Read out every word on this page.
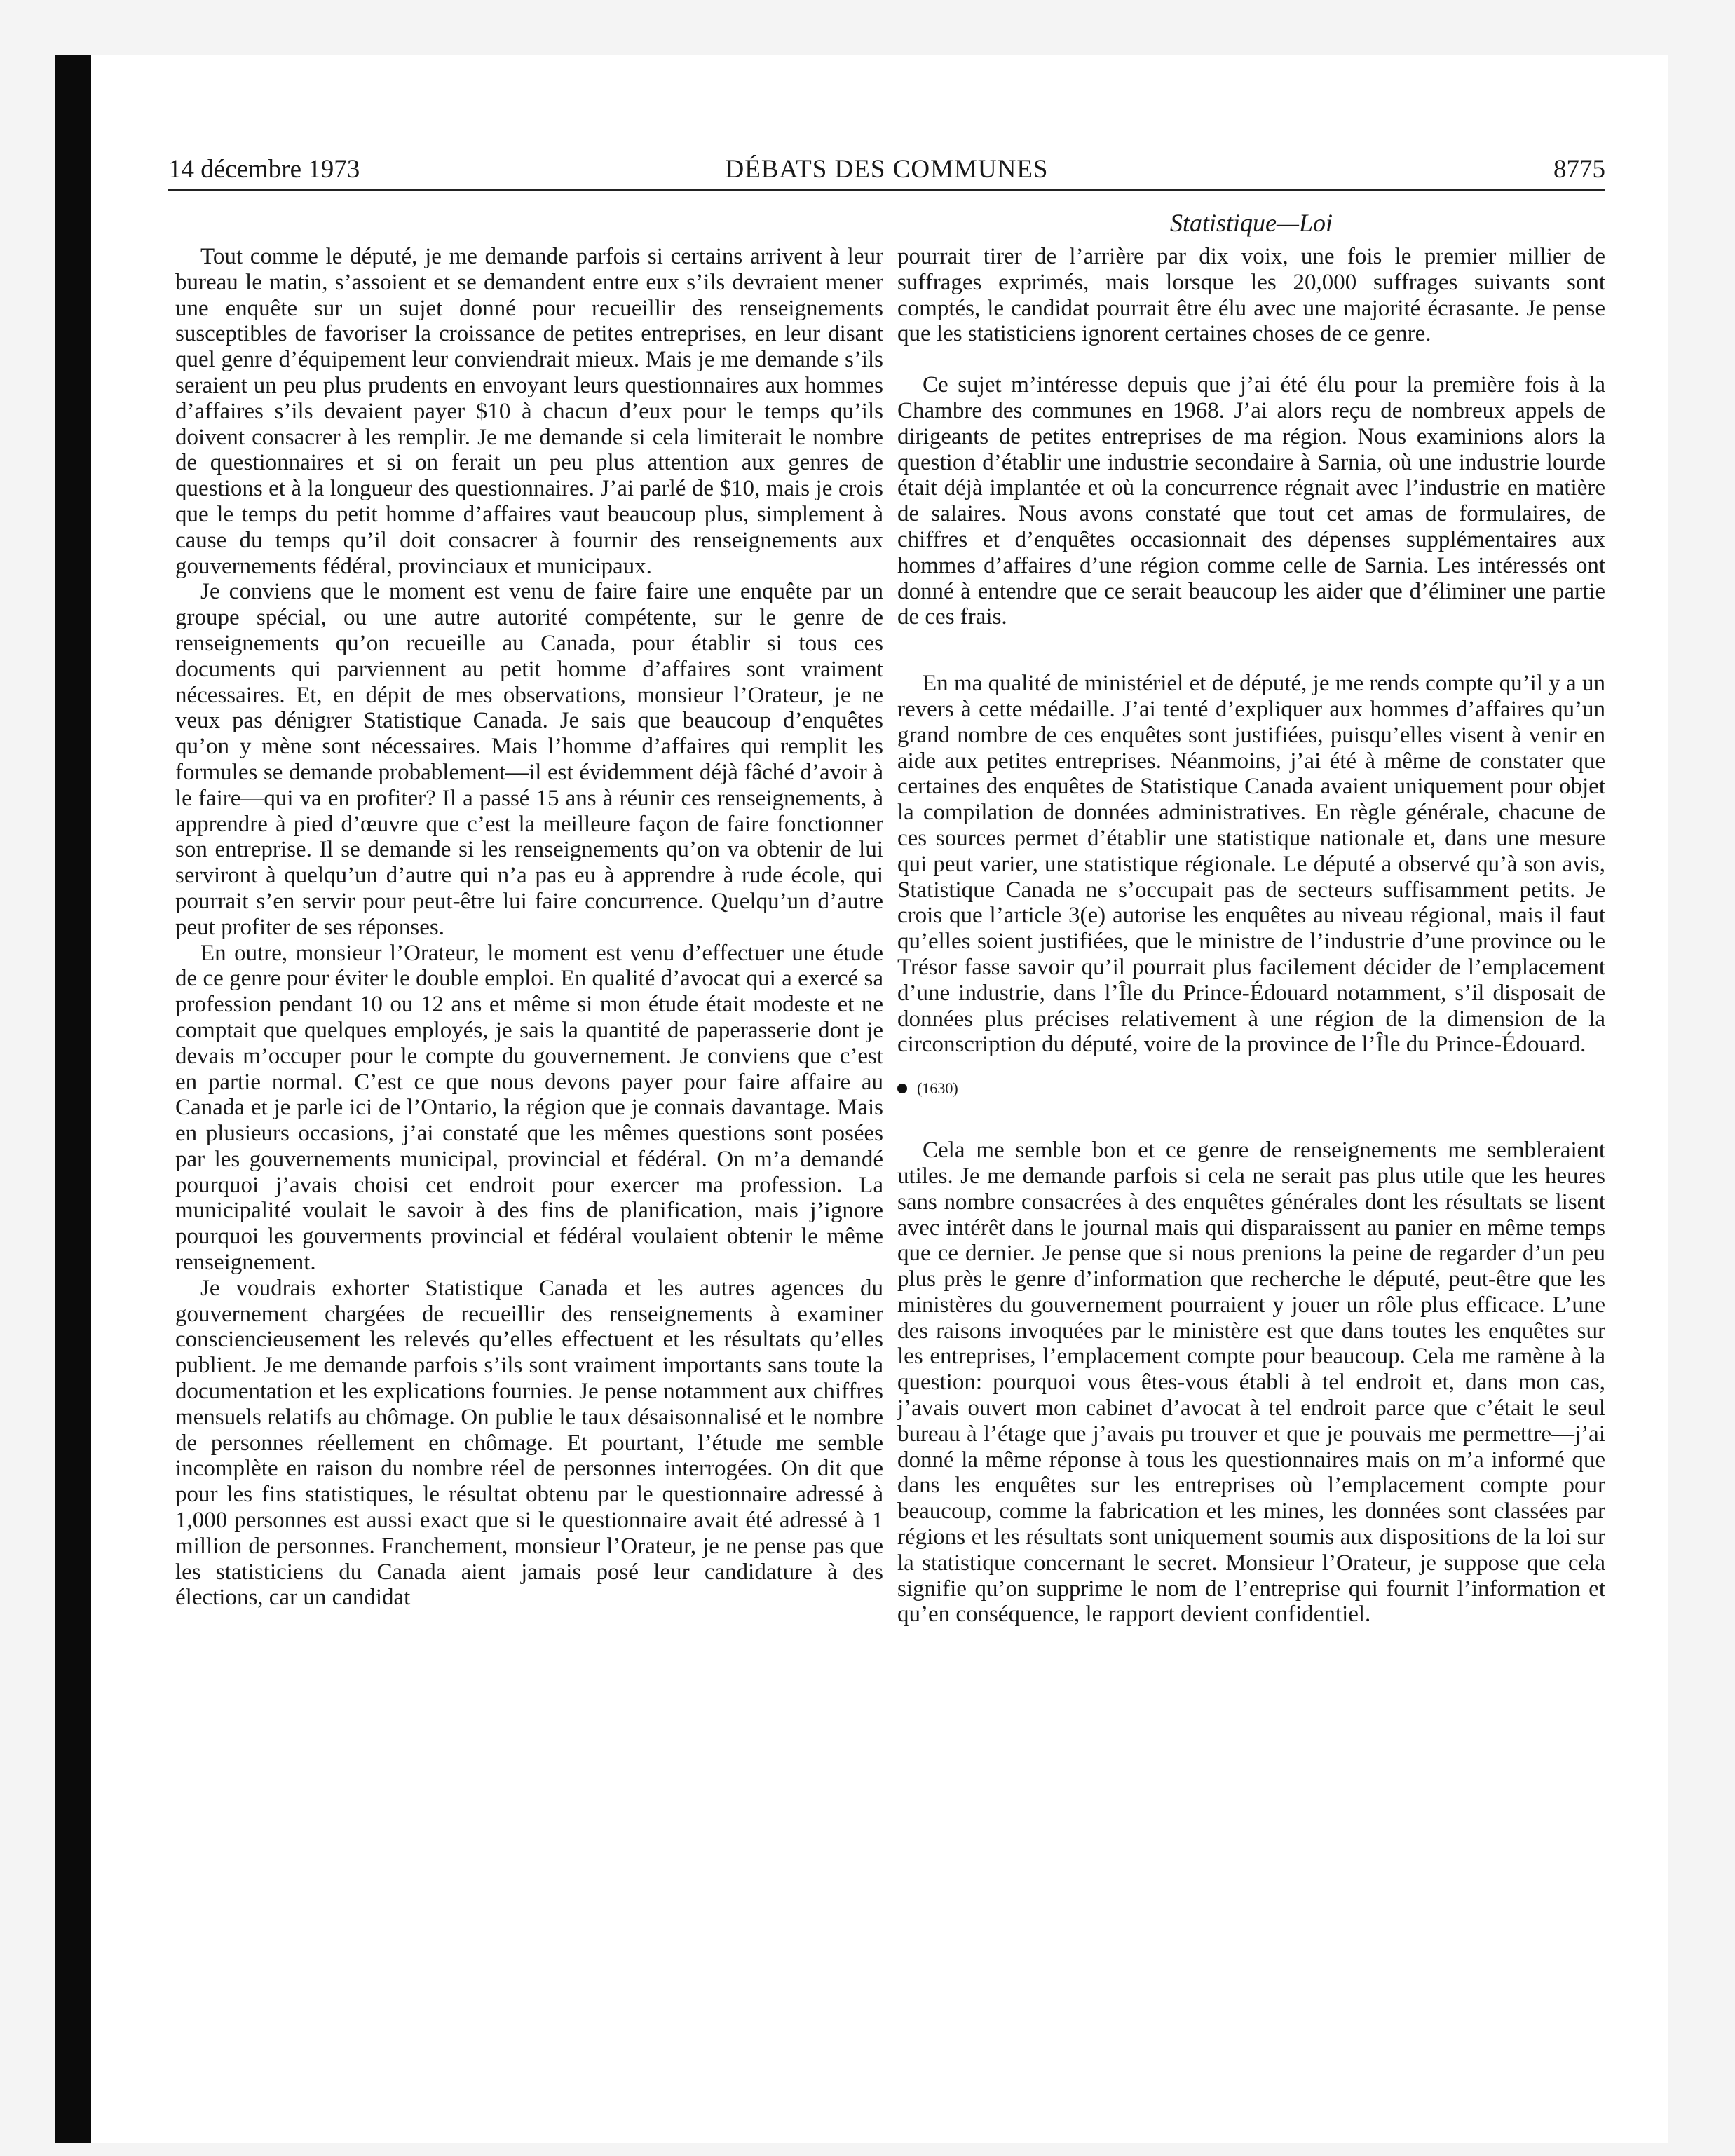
14 décembre 1973	DÉBATS DES COMMUNES	8775
Statistique—Loi

Tout comme le député, je me demande parfois si certains arrivent à leur bureau le matin, s’assoient et se demandent entre eux s’ils devraient mener une enquête sur un sujet donné pour recueillir des renseignements susceptibles de favoriser la croissance de petites entreprises, en leur disant quel genre d’équipement leur conviendrait mieux. Mais je me demande s’ils seraient un peu plus prudents en envoyant leurs questionnaires aux hommes d’affaires s’ils devaient payer $10 à chacun d’eux pour le temps qu’ils doivent consacrer à les remplir. Je me demande si cela limiterait le nombre de questionnaires et si on ferait un peu plus attention aux genres de questions et à la longueur des questionnaires. J’ai parlé de $10, mais je crois que le temps du petit homme d’affaires vaut beaucoup plus, simplement à cause du temps qu’il doit consacrer à fournir des renseignements aux gouvernements fédéral, provinciaux et municipaux.

Je conviens que le moment est venu de faire faire une enquête par un groupe spécial, ou une autre autorité compétente, sur le genre de renseignements qu’on recueille au Canada, pour établir si tous ces documents qui parviennent au petit homme d’affaires sont vraiment nécessaires. Et, en dépit de mes observations, monsieur l’Orateur, je ne veux pas dénigrer Statistique Canada. Je sais que beaucoup d’enquêtes qu’on y mène sont nécessaires. Mais l’homme d’affaires qui remplit les formules se demande probablement—il est évidemment déjà fâché d’avoir à le faire—qui va en profiter? Il a passé 15 ans à réunir ces renseignements, à apprendre à pied d’œuvre que c’est la meilleure façon de faire fonctionner son entreprise. Il se demande si les renseignements qu’on va obtenir de lui serviront à quelqu’un d’autre qui n’a pas eu à apprendre à rude école, qui pourrait s’en servir pour peut-être lui faire concurrence. Quelqu’un d’autre peut profiter de ses réponses.

En outre, monsieur l’Orateur, le moment est venu d’effectuer une étude de ce genre pour éviter le double emploi. En qualité d’avocat qui a exercé sa profession pendant 10 ou 12 ans et même si mon étude était modeste et ne comptait que quelques employés, je sais la quantité de paperasserie dont je devais m’occuper pour le compte du gouvernement. Je conviens que c’est en partie normal. C’est ce que nous devons payer pour faire affaire au Canada et je parle ici de l’Ontario, la région que je connais davantage. Mais en plusieurs occasions, j’ai constaté que les mêmes questions sont posées par les gouvernements municipal, provincial et fédéral. On m’a demandé pourquoi j’avais choisi cet endroit pour exercer ma profession. La municipalité voulait le savoir à des fins de planification, mais j’ignore pourquoi les gouverments provincial et fédéral voulaient obtenir le même renseignement.

Je voudrais exhorter Statistique Canada et les autres agences du gouvernement chargées de recueillir des renseignements à examiner consciencieusement les relevés qu’elles effectuent et les résultats qu’elles publient. Je me demande parfois s’ils sont vraiment importants sans toute la documentation et les explications fournies. Je pense notamment aux chiffres mensuels relatifs au chômage. On publie le taux désaisonnalisé et le nombre de personnes réellement en chômage. Et pourtant, l’étude me semble incomplète en raison du nombre réel de personnes interrogées. On dit que pour les fins statistiques, le résultat obtenu par le questionnaire adressé à 1,000 personnes est aussi exact que si le questionnaire avait été adressé à 1 million de personnes. Franchement, monsieur l’Orateur, je ne pense pas que les statisticiens du Canada aient jamais posé leur candidature à des élections, car un candidat

pourrait tirer de l’arrière par dix voix, une fois le premier millier de suffrages exprimés, mais lorsque les 20,000 suffrages suivants sont comptés, le candidat pourrait être élu avec une majorité écrasante. Je pense que les statisticiens ignorent certaines choses de ce genre.

Ce sujet m’intéresse depuis que j’ai été élu pour la première fois à la Chambre des communes en 1968. J’ai alors reçu de nombreux appels de dirigeants de petites entreprises de ma région. Nous examinions alors la question d’établir une industrie secondaire à Sarnia, où une industrie lourde était déjà implantée et où la concurrence régnait avec l’industrie en matière de salaires. Nous avons constaté que tout cet amas de formulaires, de chiffres et d’enquêtes occasionnait des dépenses supplémentaires aux hommes d’affaires d’une région comme celle de Sarnia. Les intéressés ont donné à entendre que ce serait beaucoup les aider que d’éliminer une partie de ces frais.

En ma qualité de ministériel et de député, je me rends compte qu’il y a un revers à cette médaille. J’ai tenté d’expliquer aux hommes d’affaires qu’un grand nombre de ces enquêtes sont justifiées, puisqu’elles visent à venir en aide aux petites entreprises. Néanmoins, j’ai été à même de constater que certaines des enquêtes de Statistique Canada avaient uniquement pour objet la compilation de données administratives. En règle générale, chacune de ces sources permet d’établir une statistique nationale et, dans une mesure qui peut varier, une statistique régionale. Le député a observé qu’à son avis, Statistique Canada ne s’occupait pas de secteurs suffisamment petits. Je crois que l’article 3(e) autorise les enquêtes au niveau régional, mais il faut qu’elles soient justifiées, que le ministre de l’industrie d’une province ou le Trésor fasse savoir qu’il pourrait plus facilement décider de l’emplacement d’une industrie, dans l’Île du Prince-Édouard notamment, s’il disposait de données plus précises relativement à une région de la dimension de la circonscription du député, voire de la province de l’Île du Prince-Édouard.

(1630)

Cela me semble bon et ce genre de renseignements me sembleraient utiles. Je me demande parfois si cela ne serait pas plus utile que les heures sans nombre consacrées à des enquêtes générales dont les résultats se lisent avec intérêt dans le journal mais qui disparaissent au panier en même temps que ce dernier. Je pense que si nous prenions la peine de regarder d’un peu plus près le genre d’information que recherche le député, peut-être que les ministères du gouvernement pourraient y jouer un rôle plus efficace. L’une des raisons invoquées par le ministère est que dans toutes les enquêtes sur les entreprises, l’emplacement compte pour beaucoup. Cela me ramène à la question: pourquoi vous êtes-vous établi à tel endroit et, dans mon cas, j’avais ouvert mon cabinet d’avocat à tel endroit parce que c’était le seul bureau à l’étage que j’avais pu trouver et que je pouvais me permettre—j’ai donné la même réponse à tous les questionnaires mais on m’a informé que dans les enquêtes sur les entreprises où l’emplacement compte pour beaucoup, comme la fabrication et les mines, les données sont classées par régions et les résultats sont uniquement soumis aux dispositions de la loi sur la statistique concernant le secret. Monsieur l’Orateur, je suppose que cela signifie qu’on supprime le nom de l’entreprise qui fournit l’information et qu’en conséquence, le rapport devient confidentiel.
